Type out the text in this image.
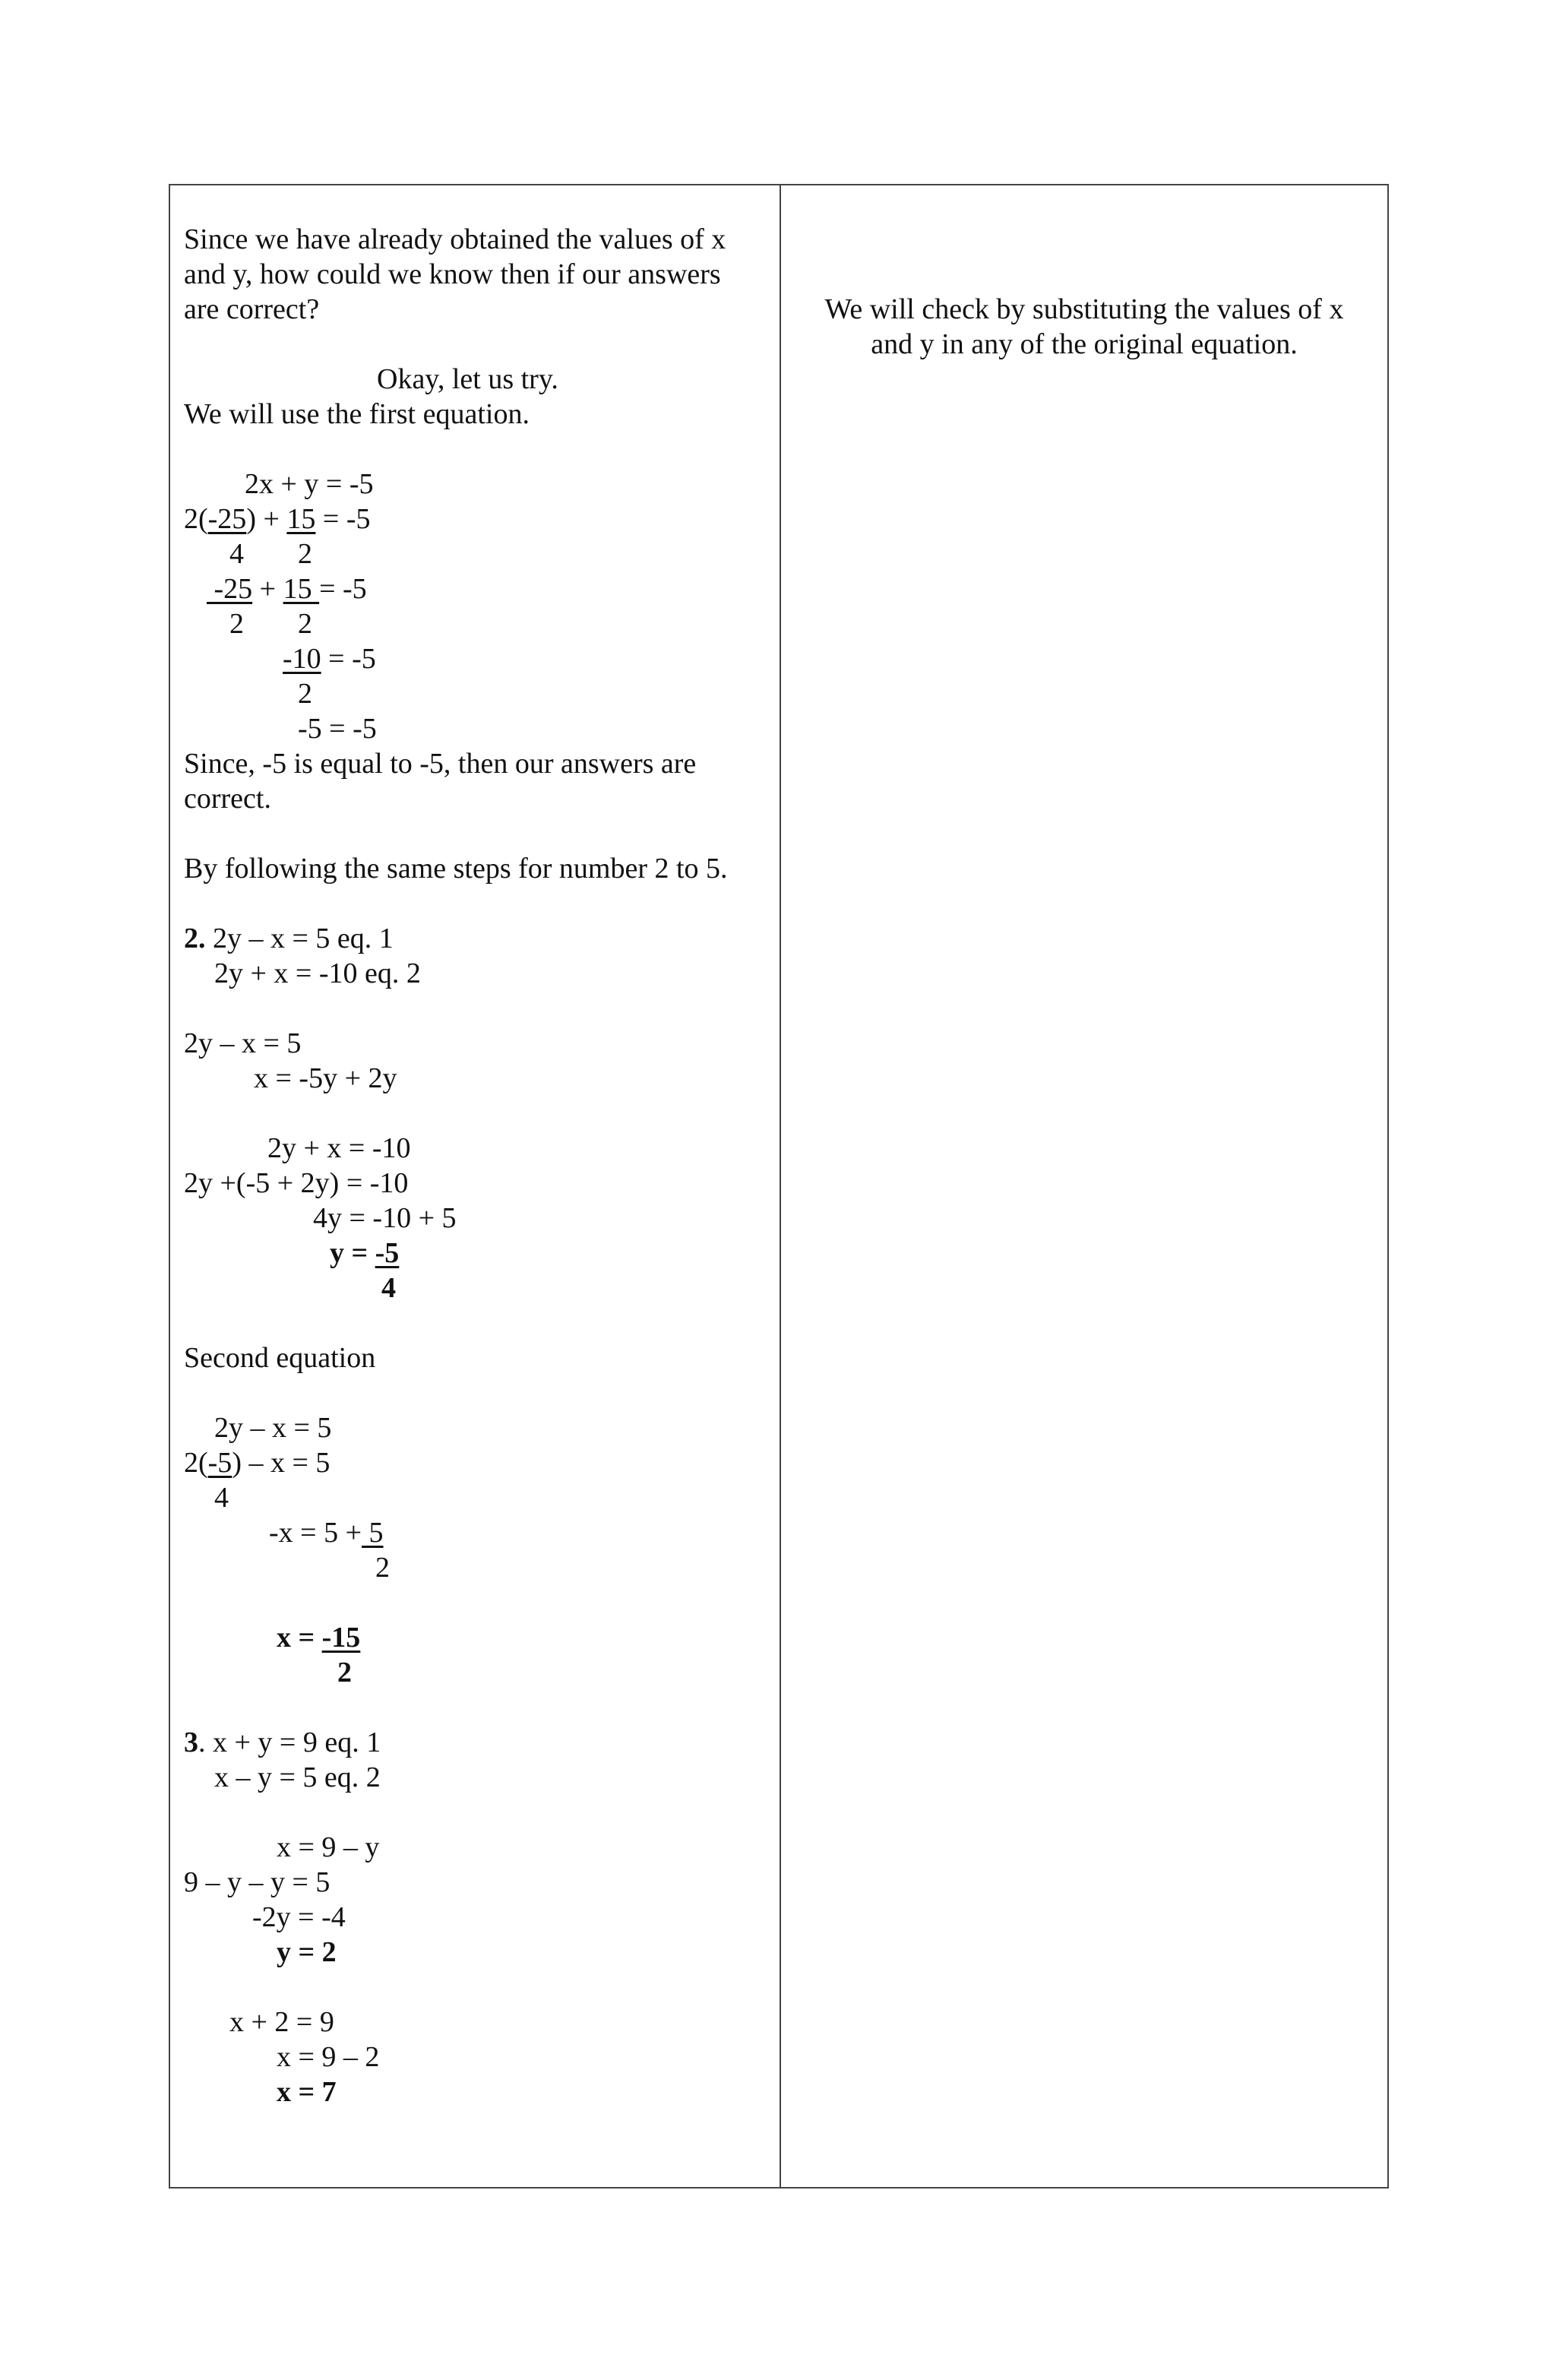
Since we have already obtained the values of x
and y, how could we know then if our answers
are correct?
Okay, let us try.
We will use the first equation.
2x + y = -5
2(-25) + 15 = -5
4 2
-25 + 15 = -5
2 2
-10 = -5
2
-5 = -5
Since, -5 is equal to -5, then our answers are
correct.
By following the same steps for number 2 to 5.
2. 2y – x = 5 eq. 1
2y + x = -10 eq. 2
2y – x = 5
x = -5y + 2y
2y + x = -10
2y +(-5 + 2y) = -10
4y = -10 + 5
y = -5
4
Second equation
2y – x = 5
2(-5) – x = 5
4
-x = 5 + 5
2
x = -15
2
3. x + y = 9 eq. 1
x – y = 5 eq. 2
x = 9 – y
9 – y – y = 5
-2y = -4
y = 2
x + 2 = 9
x = 9 – 2
x = 7
We will check by substituting the values of x
and y in any of the original equation.
